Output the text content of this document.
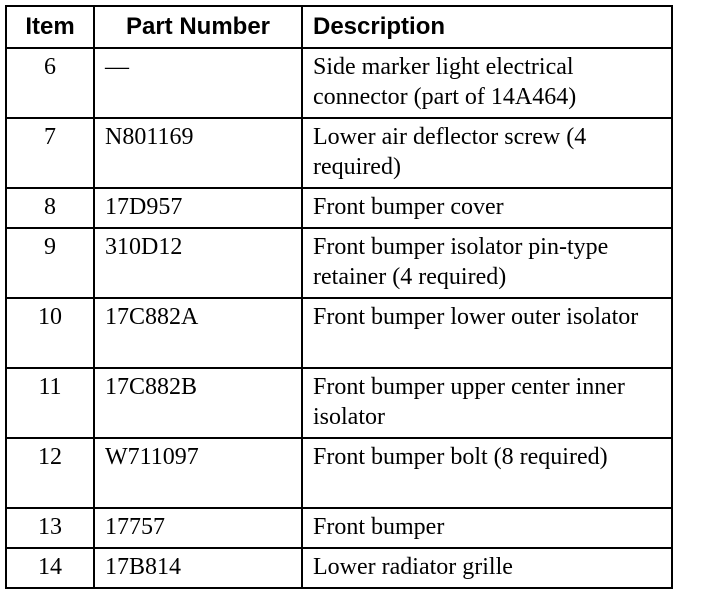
Item	Part Number	Description
6	—	Side marker light electrical connector (part of 14A464)
7	N801169	Lower air deflector screw (4 required)
8	17D957	Front bumper cover
9	310D12	Front bumper isolator pin-type retainer (4 required)
10	17C882A	Front bumper lower outer isolator
11	17C882B	Front bumper upper center inner isolator
12	W711097	Front bumper bolt (8 required)
13	17757	Front bumper
14	17B814	Lower radiator grille
